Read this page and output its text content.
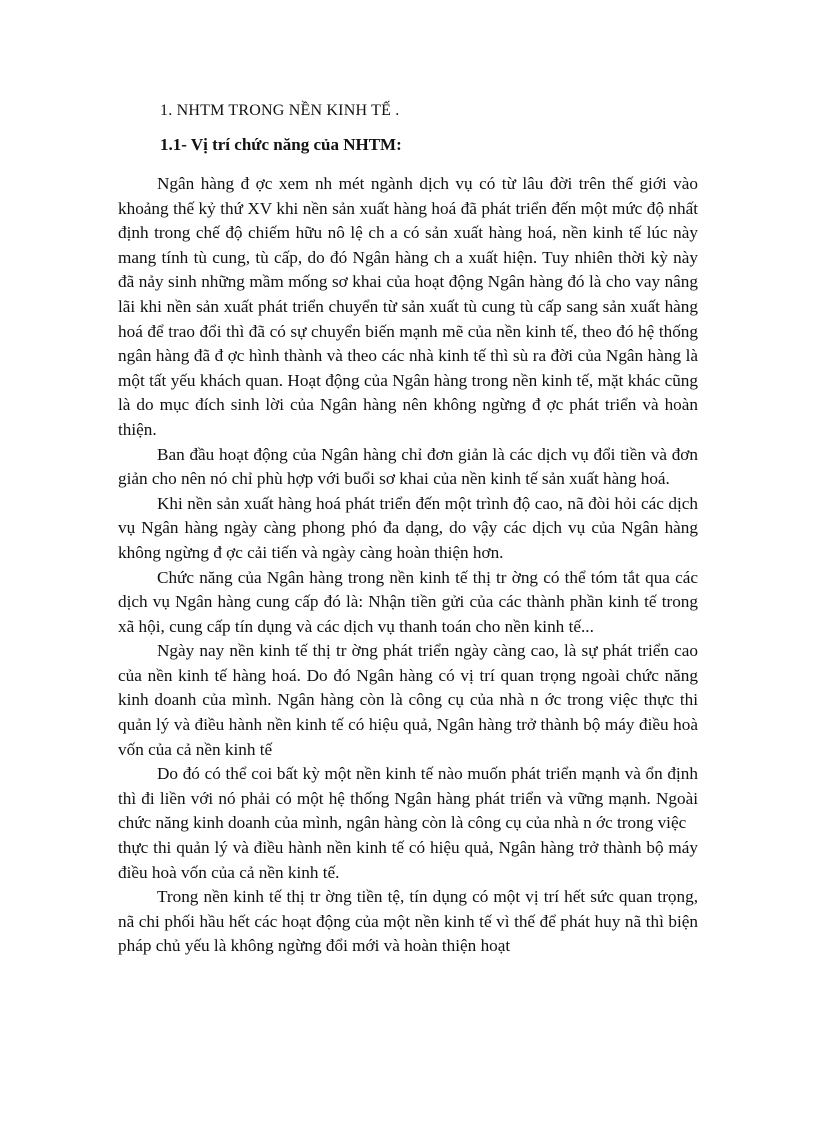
1. NHTM TRONG NỀN KINH TẾ .
1.1- Vị trí chức năng của NHTM:

Ngân hàng đ ợc xem nh mét ngành dịch vụ có từ lâu đời trên thế giới vào khoảng thế kỷ thứ XV khi nền sản xuất hàng hoá đã phát triển đến một mức độ nhất định trong chế độ chiếm hữu nô lệ ch a có sản xuất hàng hoá, nền kinh tế lúc này mang tính tù cung, tù cấp, do đó Ngân hàng ch a xuất hiện. Tuy nhiên thời kỳ này đã nảy sinh những mầm mống sơ khai của hoạt động Ngân hàng đó là cho vay nâng lãi khi nền sản xuất phát triển chuyển từ sản xuất tù cung tù cấp sang sản xuất hàng hoá để trao đổi thì đã có sự chuyển biến mạnh mẽ của nền kinh tế, theo đó hệ thống ngân hàng đã đ ợc hình thành và theo các nhà kinh tế thì sù ra đời của Ngân hàng là một tất yếu khách quan. Hoạt động của Ngân hàng trong nền kinh tế, mặt khác cũng là do mục đích sinh lời của Ngân hàng nên không ngừng đ ợc phát triển và hoàn thiện.

Ban đầu hoạt động của Ngân hàng chỉ đơn giản là các dịch vụ đổi tiền và đơn giản cho nên nó chỉ phù hợp với buổi sơ khai của nền kinh tế sản xuất hàng hoá.

Khi nền sản xuất hàng hoá phát triển đến một trình độ cao, nã đòi hỏi các dịch vụ Ngân hàng ngày càng phong phó đa dạng, do vậy các dịch vụ của Ngân hàng không ngừng đ ợc cải tiến và ngày càng hoàn thiện hơn.

Chức năng của Ngân hàng trong nền kinh tế thị tr ờng có thể tóm tắt qua các dịch vụ Ngân hàng cung cấp đó là: Nhận tiền gửi của các thành phần kinh tế trong xã hội, cung cấp tín dụng và các dịch vụ thanh toán cho nền kinh tế...

Ngày nay nền kinh tế thị tr ờng phát triển ngày càng cao, là sự phát triển cao của nền kinh tế hàng hoá. Do đó Ngân hàng có vị trí quan trọng ngoài chức năng kinh doanh của mình. Ngân hàng còn là công cụ của nhà n ớc trong việc thực thi quản lý và điều hành nền kinh tế có hiệu quả, Ngân hàng trở thành bộ máy điều hoà vốn của cả nền kinh tế

Do đó có thể coi bất kỳ một nền kinh tế nào muốn phát triển mạnh và ổn định thì đi liền với nó phải có một hệ thống Ngân hàng phát triển và vững mạnh. Ngoài chức năng kinh doanh của mình, ngân hàng còn là công cụ của nhà n ớc trong việc

thực thi quản lý và điều hành nền kinh tế có hiệu quả, Ngân hàng trở thành bộ máy điều hoà vốn của cả nền kinh tế.

Trong nền kinh tế thị tr ờng tiền tệ, tín dụng có một vị trí hết sức quan trọng, nã chi phối hầu hết các hoạt động của một nền kinh tế vì thế để phát huy nã thì biện pháp chủ yếu là không ngừng đổi mới và hoàn thiện hoạt
